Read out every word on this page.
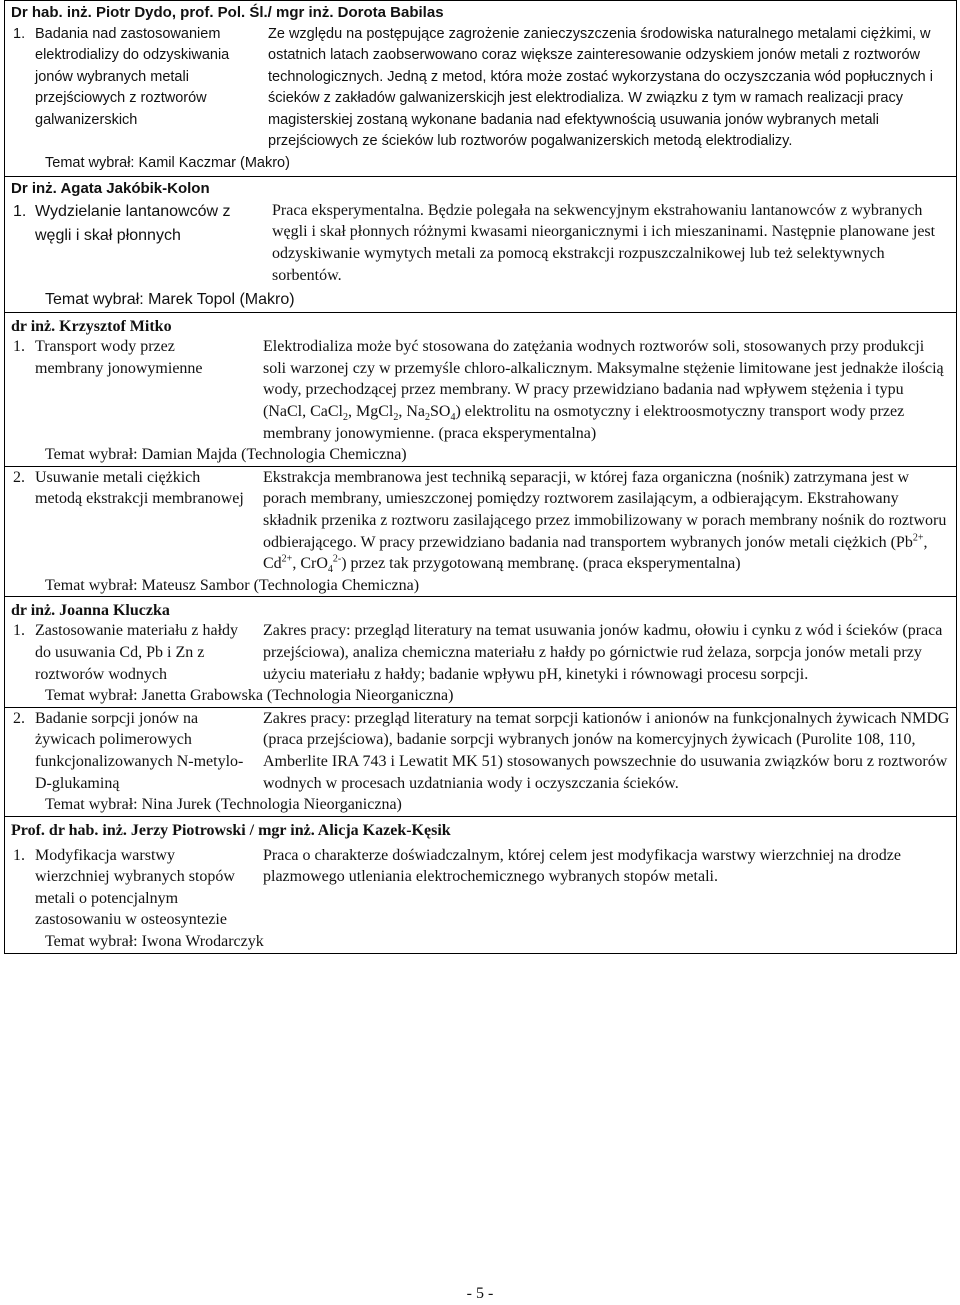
Dr hab. inż. Piotr Dydo, prof. Pol. Śl./ mgr inż. Dorota Babilas
1. Badania nad zastosowaniem elektrodializy do odzyskiwania jonów wybranych metali przejściowych z roztworów galwanizerskich
Ze względu na postępujące zagrożenie zanieczyszczenia środowiska naturalnego metalami ciężkimi, w ostatnich latach zaobserwowano coraz większe zainteresowanie odzyskiem jonów metali z roztworów technologicznych. Jedną z metod, która może zostać wykorzystana do oczyszczania wód popłucznych i ścieków z zakładów galwanizerskicjh jest elektrodializa. W związku z tym w ramach realizacji pracy magisterskiej zostaną wykonane badania nad efektywnością usuwania jonów wybranych metali przejściowych ze ścieków lub roztworów pogalwanizerskich metodą elektrodializy.
Temat wybrał: Kamil Kaczmar (Makro)
Dr inż. Agata Jakóbik-Kolon
1. Wydzielanie lantanowców z węgli i skał płonnych
Praca eksperymentalna. Będzie polegała na sekwencyjnym ekstrahowaniu lantanowców z wybranych węgli i skał płonnych różnymi kwasami nieorganicznymi i ich mieszaninami. Następnie planowane jest odzyskiwanie wymytych metali za pomocą ekstrakcji rozpuszczalnikowej lub też selektywnych sorbentów.
Temat wybrał: Marek Topol (Makro)
dr inż. Krzysztof Mitko
1. Transport wody przez membrany jonowymienne
Elektrodializa może być stosowana do zatężania wodnych roztworów soli, stosowanych przy produkcji soli warzonej czy w przemyśle chloro-alkalicznym. Maksymalne stężenie limitowane jest jednakże ilością wody, przechodzącej przez membrany. W pracy przewidziano badania nad wpływem stężenia i typu (NaCl, CaCl$_2$, MgCl$_2$, $Na_2SO_4$) elektrolitu na osmotyczny i elektroosmotyczny transport wody przez membrany jonowymienne. (praca eksperymentalna)
Temat wybrał: Damian Majda (Technologia Chemiczna)
2. Usuwanie metali ciężkich metodą ekstrakcji membranowej
Ekstrakcja membranowa jest techniką separacji, w której faza organiczna (nośnik) zatrzymana jest w porach membrany, umieszczonej pomiędzy roztworem zasilającym, a odbierającym. Ekstrahowany składnik przenika z roztworu zasilającego przez immobilizowany w porach membrany nośnik do roztworu odbierającego. W pracy przewidziano badania nad transportem wybranych jonów metali ciężkich ($Pb^{2+}$, $Cd^{2+}$, CrO$_4^{2-}$) przez tak przygotowaną membranę. (praca eksperymentalna)
Temat wybrał: Mateusz Sambor (Technologia Chemiczna)
dr inż. Joanna Kluczka
1. Zastosowanie materiału z hałdy do usuwania Cd, Pb i Zn z roztworów wodnych
Zakres pracy: przegląd literatury na temat usuwania jonów kadmu, ołowiu i cynku z wód i ścieków (praca przejściowa), analiza chemiczna materiału z hałdy po górnictwie rud żelaza, sorpcja jonów metali przy użyciu materiału z hałdy; badanie wpływu pH, kinetyki i równowagi procesu sorpcji.
Temat wybrał: Janetta Grabowska (Technologia Nieorganiczna)
2. Badanie sorpcji jonów na żywicach polimerowych funkcjonalizowanych N-metylo-D-glukaminą
Zakres pracy: przegląd literatury na temat sorpcji kationów i anionów na funkcjonalnych żywicach NMDG (praca przejściowa), badanie sorpcji wybranych jonów na komercyjnych żywicach (Purolite 108, 110, Amberlite IRA 743 i Lewatit MK 51) stosowanych powszechnie do usuwania związków boru z roztworów wodnych w procesach uzdatniania wody i oczyszczania ścieków.
Temat wybrał: Nina Jurek (Technologia Nieorganiczna)
Prof. dr hab. inż. Jerzy Piotrowski / mgr inż. Alicja Kazek-Kęsik
1. Modyfikacja warstwy wierzchniej wybranych stopów metali o potencjalnym zastosowaniu w osteosyntezie
Praca o charakterze doświadczalnym, której celem jest modyfikacja warstwy wierzchniej na drodze plazmowego utleniania elektrochemicznego wybranych stopów metali.
Temat wybrał: Iwona Wrodarczyk
- 5 -
